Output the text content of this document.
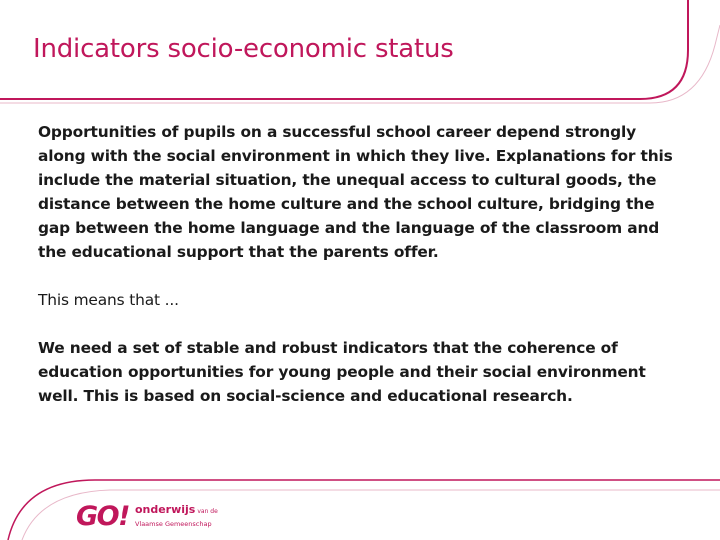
Indicators socio-economic status

Opportunities of pupils on a successful school career depend strongly along with the social environment in which they live. Explanations for this include the material situation, the unequal access to cultural goods, the distance between the home culture and the school culture, bridging the gap between the home language and the language of the classroom and the educational support that the parents offer.

This means that ...

We need a set of stable and robust indicators that the coherence of education opportunities for young people and their social environment well. This is based on social-science and educational research.

GO! onderwijs van de
Vlaamse Gemeenschap
